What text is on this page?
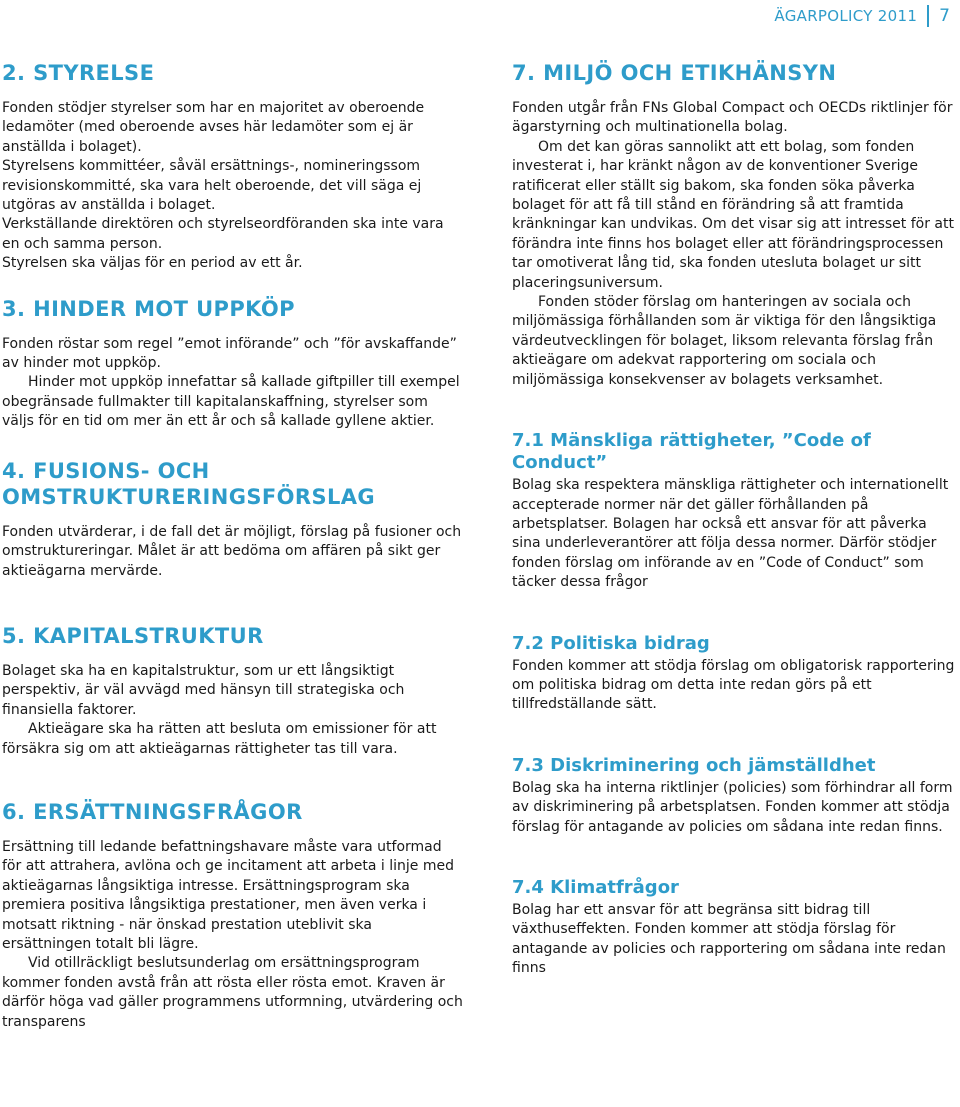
ÄGARPOLICY 2011 7
2. STYRELSE

Fonden stödjer styrelser som har en majoritet av oberoende ledamöter (med oberoende avses här ledamöter som ej är anställda i bolaget).

Styrelsens kommittéer, såväl ersättnings-, nomineringssom revisionskommitté, ska vara helt oberoende, det vill säga ej utgöras av anställda i bolaget.

Verkställande direktören och styrelseordföranden ska inte vara en och samma person.

Styrelsen ska väljas för en period av ett år.

3. HINDER MOT UPPKÖP

Fonden röstar som regel ”emot införande” och ”för avskaffande” av hinder mot uppköp.

Hinder mot uppköp innefattar så kallade giftpiller till exempel obegränsade fullmakter till kapitalanskaffning, styrelser som väljs för en tid om mer än ett år och så kallade gyllene aktier.

4. FUSIONS- OCH OMSTRUKTURERINGSFÖRSLAG

Fonden utvärderar, i de fall det är möjligt, förslag på fusioner och omstruktureringar. Målet är att bedöma om affären på sikt ger aktieägarna mervärde.

5. KAPITALSTRUKTUR

Bolaget ska ha en kapitalstruktur, som ur ett långsiktigt perspektiv, är väl avvägd med hänsyn till strategiska och finansiella faktorer.

Aktieägare ska ha rätten att besluta om emissioner för att försäkra sig om att aktieägarnas rättigheter tas till vara.

6. ERSÄTTNINGSFRÅGOR

Ersättning till ledande befattningshavare måste vara utformad för att attrahera, avlöna och ge incitament att arbeta i linje med aktieägarnas långsiktiga intresse. Ersättningsprogram ska premiera positiva långsiktiga prestationer, men även verka i motsatt riktning - när önskad prestation uteblivit ska ersättningen totalt bli lägre.

Vid otillräckligt beslutsunderlag om ersättningsprogram kommer fonden avstå från att rösta eller rösta emot. Kraven är därför höga vad gäller programmens utformning, utvärdering och transparens

7. MILJÖ OCH ETIKHÄNSYN

Fonden utgår från FNs Global Compact och OECDs riktlinjer för ägarstyrning och multinationella bolag.

Om det kan göras sannolikt att ett bolag, som fonden investerat i, har kränkt någon av de konventioner Sverige ratificerat eller ställt sig bakom, ska fonden söka påverka bolaget för att få till stånd en förändring så att framtida kränkningar kan undvikas. Om det visar sig att intresset för att förändra inte finns hos bolaget eller att förändringsprocessen tar omotiverat lång tid, ska fonden utesluta bolaget ur sitt placeringsuniversum.

Fonden stöder förslag om hanteringen av sociala och miljömässiga förhållanden som är viktiga för den långsiktiga värdeutvecklingen för bolaget, liksom relevanta förslag från aktieägare om adekvat rapportering om sociala och miljömässiga konsekvenser av bolagets verksamhet.

7.1 Mänskliga rättigheter, ”Code of Conduct”

Bolag ska respektera mänskliga rättigheter och internationellt accepterade normer när det gäller förhållanden på arbetsplatser. Bolagen har också ett ansvar för att påverka sina underleverantörer att följa dessa normer. Därför stödjer fonden förslag om införande av en ”Code of Conduct” som täcker dessa frågor

7.2 Politiska bidrag

Fonden kommer att stödja förslag om obligatorisk rapportering om politiska bidrag om detta inte redan görs på ett tillfredställande sätt.

7.3 Diskriminering och jämställdhet

Bolag ska ha interna riktlinjer (policies) som förhindrar all form av diskriminering på arbetsplatsen. Fonden kommer att stödja förslag för antagande av policies om sådana inte redan finns.

7.4 Klimatfrågor

Bolag har ett ansvar för att begränsa sitt bidrag till växthuseffekten. Fonden kommer att stödja förslag för antagande av policies och rapportering om sådana inte redan finns
